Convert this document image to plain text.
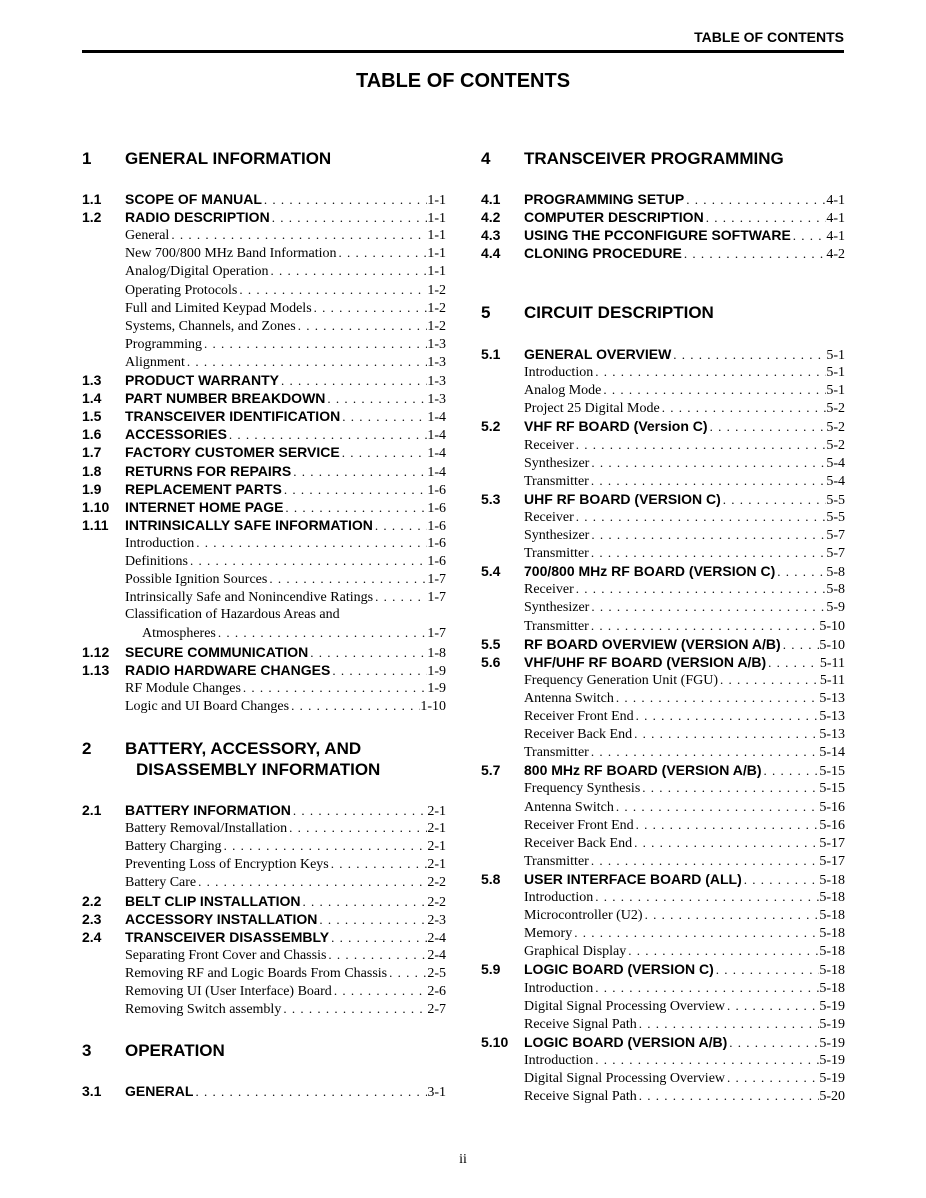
TABLE OF CONTENTS
TABLE OF CONTENTS
1	GENERAL INFORMATION
1.1	SCOPE OF MANUAL . . .	1-1
1.2	RADIO DESCRIPTION . . .	1-1
General . . .	1-1
New 700/800 MHz Band Information . . .	1-1
Analog/Digital Operation . . .	1-1
Operating Protocols . . .	1-2
Full and Limited Keypad Models . . .	1-2
Systems, Channels, and Zones . . .	1-2
Programming . . .	1-3
Alignment . . .	1-3
1.3	PRODUCT WARRANTY . . .	1-3
1.4	PART NUMBER BREAKDOWN . . .	1-3
1.5	TRANSCEIVER IDENTIFICATION . . .	1-4
1.6	ACCESSORIES . . .	1-4
1.7	FACTORY CUSTOMER SERVICE . . .	1-4
1.8	RETURNS FOR REPAIRS . . .	1-4
1.9	REPLACEMENT PARTS . . .	1-6
1.10	INTERNET HOME PAGE . . .	1-6
1.11	INTRINSICALLY SAFE INFORMATION . . .	1-6
Introduction . . .	1-6
Definitions . . .	1-6
Possible Ignition Sources . . .	1-7
Intrinsically Safe and Nonincendive Ratings . . .	1-7
Classification of Hazardous Areas and
Atmospheres . . .	1-7
1.12	SECURE COMMUNICATION . . .	1-8
1.13	RADIO HARDWARE CHANGES . . .	1-9
RF Module Changes . . .	1-9
Logic and UI Board Changes . . .	1-10
2	BATTERY, ACCESSORY, AND
DISASSEMBLY INFORMATION
2.1	BATTERY INFORMATION . . .	2-1
Battery Removal/Installation . . .	2-1
Battery Charging . . .	2-1
Preventing Loss of Encryption Keys . . .	2-1
Battery Care . . .	2-2
2.2	BELT CLIP INSTALLATION . . .	2-2
2.3	ACCESSORY INSTALLATION . . .	2-3
2.4	TRANSCEIVER DISASSEMBLY . . .	2-4
Separating Front Cover and Chassis . . .	2-4
Removing RF and Logic Boards From Chassis . . .	2-5
Removing UI (User Interface) Board . . .	2-6
Removing Switch assembly . . .	2-7
3	OPERATION
3.1	GENERAL . . .	3-1
4	TRANSCEIVER PROGRAMMING
4.1	PROGRAMMING SETUP . . .	4-1
4.2	COMPUTER DESCRIPTION . . .	4-1
4.3	USING THE PCCONFIGURE SOFTWARE . . .	4-1
4.4	CLONING PROCEDURE . . .	4-2
5	CIRCUIT DESCRIPTION
5.1	GENERAL OVERVIEW . . .	5-1
Introduction . . .	5-1
Analog Mode . . .	5-1
Project 25 Digital Mode . . .	5-2
5.2	VHF RF BOARD (Version C) . . .	5-2
Receiver . . .	5-2
Synthesizer . . .	5-4
Transmitter . . .	5-4
5.3	UHF RF BOARD (VERSION C) . . .	5-5
Receiver . . .	5-5
Synthesizer . . .	5-7
Transmitter . . .	5-7
5.4	700/800 MHz RF BOARD (VERSION C) . . .	5-8
Receiver . . .	5-8
Synthesizer . . .	5-9
Transmitter . . .	5-10
5.5	RF BOARD OVERVIEW (VERSION A/B) . . .	5-10
5.6	VHF/UHF RF BOARD (VERSION A/B) . . .	5-11
Frequency Generation Unit (FGU) . . .	5-11
Antenna Switch . . .	5-13
Receiver Front End . . .	5-13
Receiver Back End . . .	5-13
Transmitter . . .	5-14
5.7	800 MHz RF BOARD (VERSION A/B) . . .	5-15
Frequency Synthesis . . .	5-15
Antenna Switch . . .	5-16
Receiver Front End . . .	5-16
Receiver Back End . . .	5-17
Transmitter . . .	5-17
5.8	USER INTERFACE BOARD (ALL) . . .	5-18
Introduction . . .	5-18
Microcontroller (U2) . . .	5-18
Memory . . .	5-18
Graphical Display . . .	5-18
5.9	LOGIC BOARD (VERSION C) . . .	5-18
Introduction . . .	5-18
Digital Signal Processing Overview . . .	5-19
Receive Signal Path . . .	5-19
5.10	LOGIC BOARD (VERSION A/B) . . .	5-19
Introduction . . .	5-19
Digital Signal Processing Overview . . .	5-19
Receive Signal Path . . .	5-20
ii
